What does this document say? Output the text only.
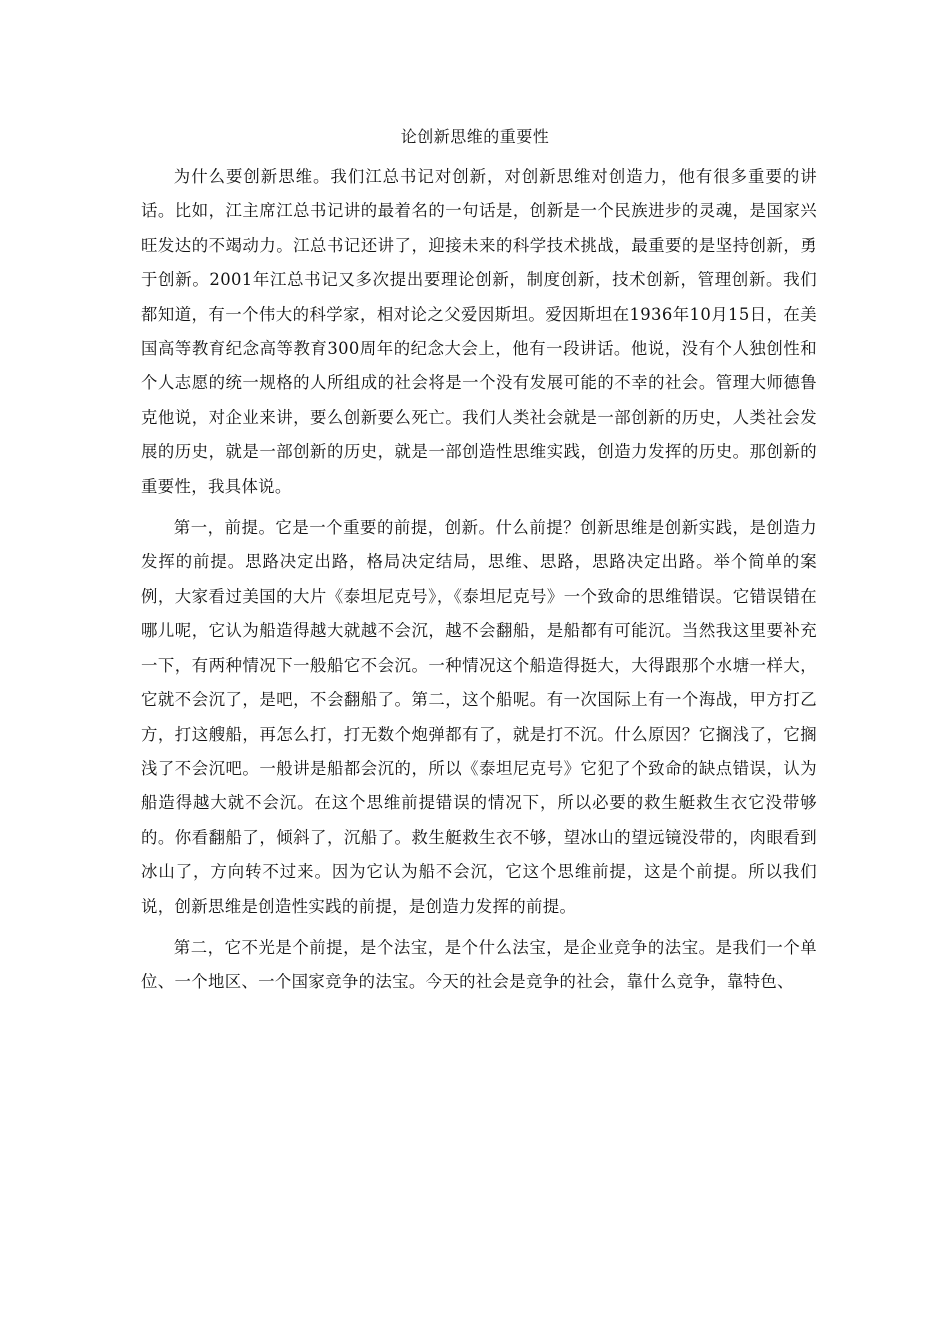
论创新思维的重要性

为什么要创新思维。我们江总书记对创新，对创新思维对创造力，他有很多重要的讲话。比如，江主席江总书记讲的最着名的一句话是，创新是一个民族进步的灵魂，是国家兴旺发达的不竭动力。江总书记还讲了，迎接未来的科学技术挑战，最重要的是坚持创新，勇于创新。2001年江总书记又多次提出要理论创新，制度创新，技术创新，管理创新。我们都知道，有一个伟大的科学家，相对论之父爱因斯坦。爱因斯坦在1936年10月15日，在美国高等教育纪念高等教育300周年的纪念大会上，他有一段讲话。他说，没有个人独创性和个人志愿的统一规格的人所组成的社会将是一个没有发展可能的不幸的社会。管理大师德鲁克他说，对企业来讲，要么创新要么死亡。我们人类社会就是一部创新的历史，人类社会发展的历史，就是一部创新的历史，就是一部创造性思维实践，创造力发挥的历史。那创新的重要性，我具体说。

第一，前提。它是一个重要的前提，创新。什么前提？创新思维是创新实践，是创造力发挥的前提。思路决定出路，格局决定结局，思维、思路，思路决定出路。举个简单的案例，大家看过美国的大片《泰坦尼克号》，《泰坦尼克号》一个致命的思维错误。它错误错在哪儿呢，它认为船造得越大就越不会沉，越不会翻船，是船都有可能沉。当然我这里要补充一下，有两种情况下一般船它不会沉。一种情况这个船造得挺大，大得跟那个水塘一样大，它就不会沉了，是吧，不会翻船了。第二，这个船呢。有一次国际上有一个海战，甲方打乙方，打这艘船，再怎么打，打无数个炮弹都有了，就是打不沉。什么原因？它搁浅了，它搁浅了不会沉吧。一般讲是船都会沉的，所以《泰坦尼克号》它犯了个致命的缺点错误，认为船造得越大就不会沉。在这个思维前提错误的情况下，所以必要的救生艇救生衣它没带够的。你看翻船了，倾斜了，沉船了。救生艇救生衣不够，望冰山的望远镜没带的，肉眼看到冰山了，方向转不过来。因为它认为船不会沉，它这个思维前提，这是个前提。所以我们说，创新思维是创造性实践的前提，是创造力发挥的前提。

第二，它不光是个前提，是个法宝，是个什么法宝，是企业竞争的法宝。是我们一个单位、一个地区、一个国家竞争的法宝。今天的社会是竞争的社会，靠什么竞争，靠特色、
